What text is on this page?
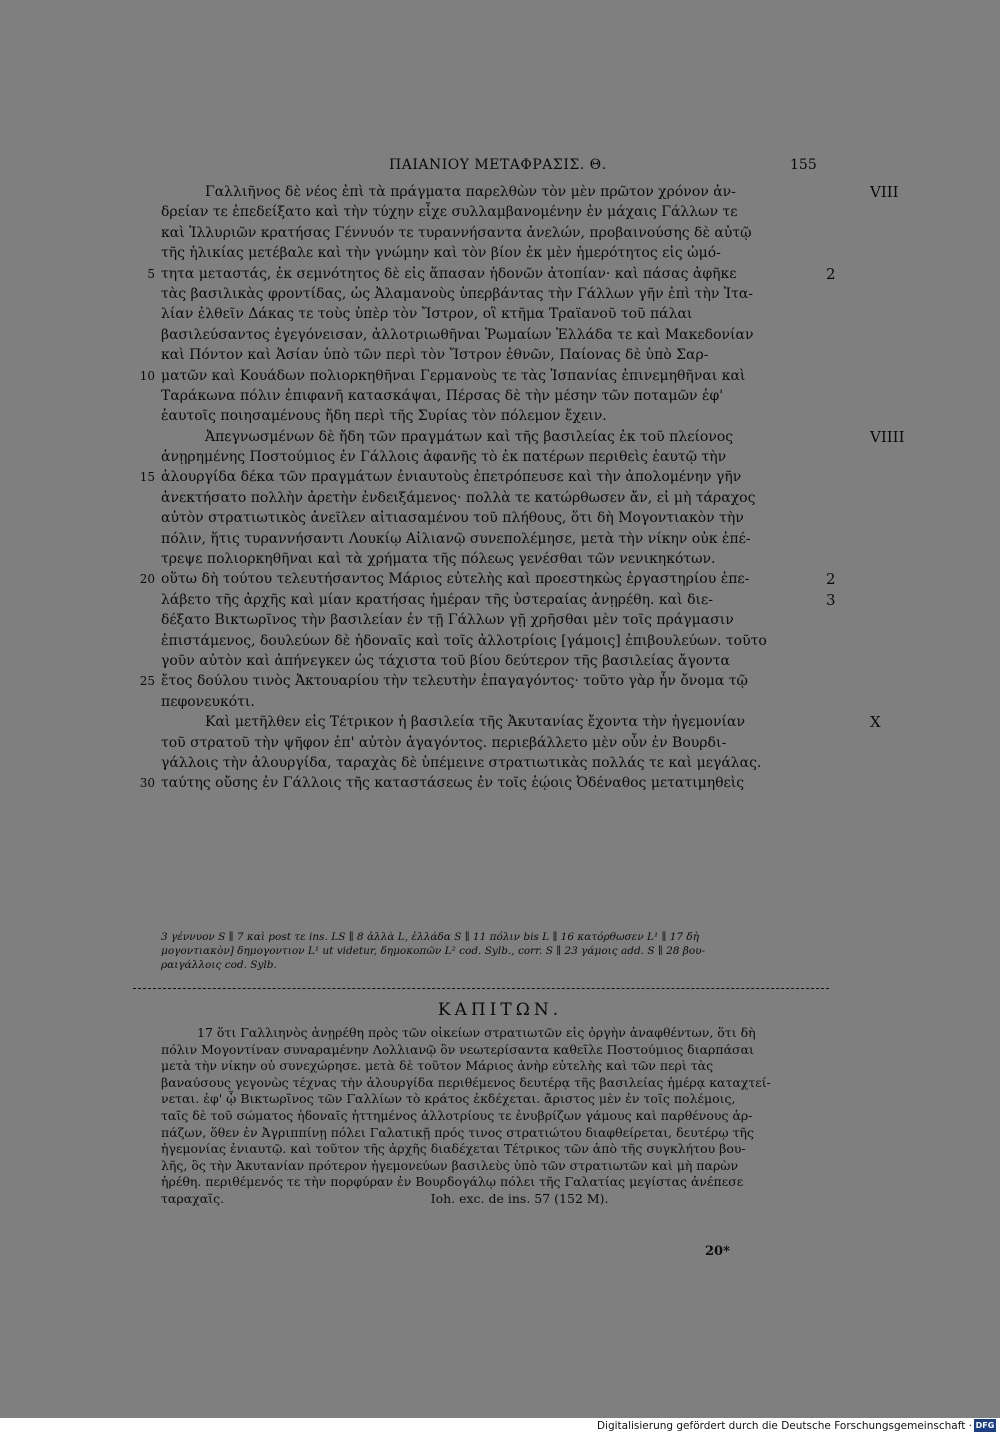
ΠΑΙΑΝΙΟΥ ΜΕΤΑΦΡΑΣΙΣ. Θ.	155
Γαλλιῆνος δὲ νέος ἐπὶ τὰ πράγματα παρελθὼν τὸν μὲν πρῶτον χρόνον ἀν-	VIII
δρείαν τε ἐπεδείξατο καὶ τὴν τύχην εἶχε συλλαμβανομένην ἐν μάχαις Γάλλων τε
καὶ Ἰλλυριῶν κρατήσας Γέννυόν τε τυραννήσαντα ἀνελών, προβαινούσης δὲ αὐτῷ
τῆς ἡλικίας μετέβαλε καὶ τὴν γνώμην καὶ τὸν βίον ἐκ μὲν ἡμερότητος εἰς ὠμό-
τητα μεταστάς, ἐκ σεμνότητος δὲ εἰς ἅπασαν ἡδονῶν ἀτοπίαν· καὶ πάσας ἀφῆκε
5	2
τὰς βασιλικὰς φροντίδας, ὡς Ἀλαμανοὺς ὑπερβάντας τὴν Γάλλων γῆν ἐπὶ τὴν Ἰτα-
λίαν ἐλθεῖν Δάκας τε τοὺς ὑπὲρ τὸν Ἴστρον, οἳ κτῆμα Τραϊανοῦ τοῦ πάλαι
βασιλεύσαντος ἐγεγόνεισαν, ἀλλοτριωθῆναι Ῥωμαίων Ἑλλάδα τε καὶ Μακεδονίαν
καὶ Πόντον καὶ Ἀσίαν ὑπὸ τῶν περὶ τὸν Ἴστρον ἐθνῶν, Παίονας δὲ ὑπὸ Σαρ-
ματῶν καὶ Κουάδων πολιορκηθῆναι Γερμανοὺς τε τὰς Ἱσπανίας ἐπινεμηθῆναι καὶ
10
Ταράκωνα πόλιν ἐπιφανῆ κατασκάψαι, Πέρσας δὲ τὴν μέσην τῶν ποταμῶν ἐφ'
ἑαυτοῖς ποιησαμένους ἤδη περὶ τῆς Συρίας τὸν πόλεμον ἔχειν.
Ἀπεγνωσμένων δὲ ἤδη τῶν πραγμάτων καὶ τῆς βασιλείας ἐκ τοῦ πλείονος	VIIII
ἀνῃρημένης Ποστούμιος ἐν Γάλλοις ἀφανῆς τὸ ἐκ πατέρων περιθεὶς ἑαυτῷ τὴν
ἁλουργίδα δέκα τῶν πραγμάτων ἐνιαυτοὺς ἐπετρόπευσε καὶ τὴν ἀπολομένην γῆν
15
ἀνεκτήσατο πολλὴν ἀρετὴν ἐνδειξάμενος· πολλὰ τε κατώρθωσεν ἄν, εἰ μὴ τάραχος
αὐτὸν στρατιωτικὸς ἀνεῖλεν αἰτιασαμένου τοῦ πλήθους, ὅτι δὴ Μογοντιακὸν τὴν
πόλιν, ἥτις τυραννήσαντι Λουκίῳ Αἰλιανῷ συνεπολέμησε, μετὰ τὴν νίκην οὐκ ἐπέ-
τρεψε πολιορκηθῆναι καὶ τὰ χρήματα τῆς πόλεως γενέσθαι τῶν νενικηκότων.
οὕτω δὴ τούτου τελευτήσαντος Μάριος εὐτελὴς καὶ προεστηκὼς ἐργαστηρίου ἐπε-
20	2
λάβετο τῆς ἀρχῆς καὶ μίαν κρατήσας ἡμέραν τῆς ὑστεραίας ἀνῃρέθη. καὶ διε-	3
δέξατο Βικτωρῖνος τὴν βασιλείαν ἐν τῇ Γάλλων γῇ χρῆσθαι μὲν τοῖς πράγμασιν
ἐπιστάμενος, δουλεύων δὲ ἡδοναῖς καὶ τοῖς ἀλλοτρίοις [γάμοις] ἐπιβουλεύων. τοῦτο
γοῦν αὐτὸν καὶ ἀπήνεγκεν ὡς τάχιστα τοῦ βίου δεύτερον τῆς βασιλείας ἄγοντα
ἔτος δούλου τινὸς Ἀκτουαρίου τὴν τελευτὴν ἐπαγαγόντος· τοῦτο γὰρ ἦν ὄνομα τῷ
25
πεφονευκότι.
Καὶ μετῆλθεν εἰς Τέτρικον ἡ βασιλεία τῆς Ἀκυτανίας ἔχοντα τὴν ἡγεμονίαν	X
τοῦ στρατοῦ τὴν ψῆφον ἐπ' αὐτὸν ἀγαγόντος. περιεβάλλετο μὲν οὖν ἐν Βουρδι-
γάλλοις τὴν ἁλουργίδα, ταραχὰς δὲ ὑπέμεινε στρατιωτικὰς πολλάς τε καὶ μεγάλας.
ταύτης οὔσης ἐν Γάλλοις τῆς καταστάσεως ἐν τοῖς ἑῴοις Ὀδέναθος μετατιμηθεὶς
30
3 γέννυον S ∥ 7 καὶ post τε ins. LS ∥ 8 ἀλλὰ L, ἑλλάδα S ∥ 11 πόλιν bis L ∥ 16 κατόρθωσεν L¹ ∥ 17 δὴ
μογοντιακὸν] δημογοντιον L¹ ut videtur, δημοκοπῶν L² cod. Sylb., corr. S ∥ 23 γάμοις add. S ∥ 28 βου-
ραιγάλλοις cod. Sylb.
ΚΑΠΙΤΩΝ.
17 ὅτι Γαλλιηνὸς ἀνῃρέθη πρὸς τῶν οἰκείων στρατιωτῶν εἰς ὀργὴν ἀναφθέντων, ὅτι δὴ
πόλιν Μογοντίναν συναραμένην Λολλιανῷ ὃν νεωτερίσαντα καθεῖλε Ποστούμιος διαρπάσαι
μετὰ τὴν νίκην οὐ συνεχώρησε. μετὰ δὲ τοῦτον Μάριος ἀνὴρ εὐτελὴς καὶ τῶν περὶ τὰς
βαναύσους γεγονὼς τέχνας τὴν ἁλουργίδα περιθέμενος δευτέρᾳ τῆς βασιλείας ἡμέρᾳ καταχτεί-
νεται. ἐφ' ᾧ Βικτωρῖνος τῶν Γαλλίων τὸ κράτος ἐκδέχεται. ἄριστος μὲν ἐν τοῖς πολέμοις,
ταῖς δὲ τοῦ σώματος ἡδοναῖς ἡττημένος ἀλλοτρίους τε ἐνυβρίζων γάμους καὶ παρθένους ἁρ-
πάζων, ὅθεν ἐν Ἀγριππίνῃ πόλει Γαλατικῇ πρός τινος στρατιώτου διαφθείρεται, δευτέρῳ τῆς
ἡγεμονίας ἐνιαυτῷ. καὶ τοῦτον τῆς ἀρχῆς διαδέχεται Τέτρικος τῶν ἀπὸ τῆς συγκλήτου βου-
λῆς, ὃς τὴν Ἀκυτανίαν πρότερον ἡγεμονεύων βασιλεὺς ὑπὸ τῶν στρατιωτῶν καὶ μὴ παρὼν
ἡρέθη. περιθέμενός τε τὴν πορφύραν ἐν Βουρδογάλῳ πόλει τῆς Γαλατίας μεγίστας ἀνέπεσε
ταραχαῖς.                                                    Ioh. exc. de ins. 57 (152 M).
20*
Digitalisierung gefördert durch die Deutsche Forschungsgemeinschaft · DFG
